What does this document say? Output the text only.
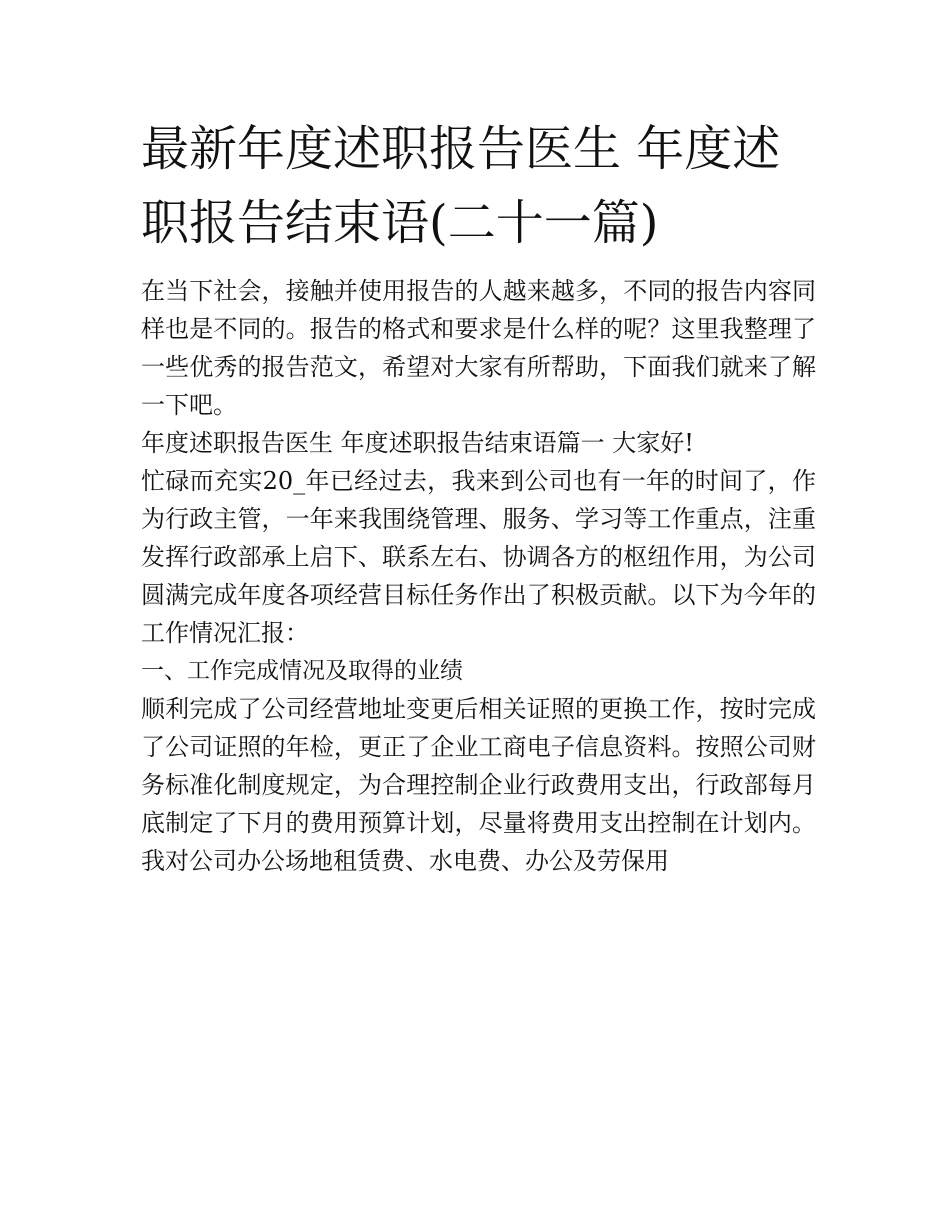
最新年度述职报告医生 年度述职报告结束语(二十一篇)

在当下社会，接触并使用报告的人越来越多，不同的报告内容同样也是不同的。报告的格式和要求是什么样的呢？这里我整理了一些优秀的报告范文，希望对大家有所帮助，下面我们就来了解一下吧。

年度述职报告医生 年度述职报告结束语篇一 大家好!

忙碌而充实20_年已经过去，我来到公司也有一年的时间了，作为行政主管，一年来我围绕管理、服务、学习等工作重点，注重发挥行政部承上启下、联系左右、协调各方的枢纽作用，为公司圆满完成年度各项经营目标任务作出了积极贡献。以下为今年的工作情况汇报：

一、工作完成情况及取得的业绩

顺利完成了公司经营地址变更后相关证照的更换工作，按时完成了公司证照的年检，更正了企业工商电子信息资料。按照公司财务标准化制度规定，为合理控制企业行政费用支出，行政部每月底制定了下月的费用预算计划，尽量将费用支出控制在计划内。我对公司办公场地租赁费、水电费、办公及劳保用
